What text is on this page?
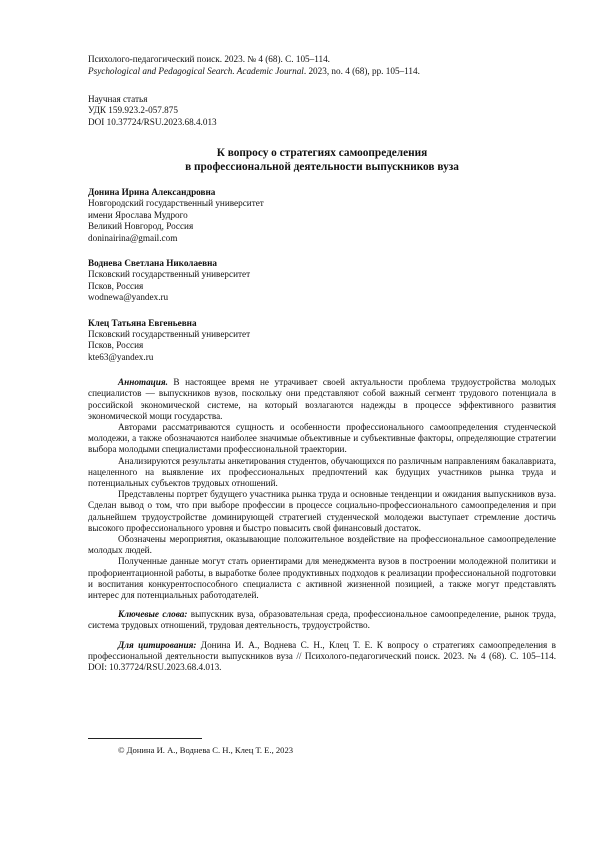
Психолого-педагогический поиск. 2023. № 4 (68). С. 105–114.
Psychological and Pedagogical Search. Academic Journal. 2023, no. 4 (68), pp. 105–114.
Научная статья
УДК 159.923.2-057.875
DOI 10.37724/RSU.2023.68.4.013
К вопросу о стратегиях самоопределения
в профессиональной деятельности выпускников вуза
Донина Ирина Александровна
Новгородский государственный университет
имени Ярослава Мудрого
Великий Новгород, Россия
doninairina@gmail.com
Воднева Светлана Николаевна
Псковский государственный университет
Псков, Россия
wodnewa@yandex.ru
Клец Татьяна Евгеньевна
Псковский государственный университет
Псков, Россия
kte63@yandex.ru

Аннотация. В настоящее время не утрачивает своей актуальности проблема трудоустройства молодых специалистов — выпускников вузов, поскольку они представляют собой важный сегмент трудового потенциала в российской экономической системе, на который возлагаются надежды в процессе эффективного развития экономической мощи государства.

Авторами рассматриваются сущность и особенности профессионального самоопределения студенческой молодежи, а также обозначаются наиболее значимые объективные и субъективные факторы, определяющие стратегии выбора молодыми специалистами профессиональной траектории.

Анализируются результаты анкетирования студентов, обучающихся по различным направлениям бакалавриата, нацеленного на выявление их профессиональных предпочтений как будущих участников рынка труда и потенциальных субъектов трудовых отношений.

Представлены портрет будущего участника рынка труда и основные тенденции и ожидания выпускников вуза. Сделан вывод о том, что при выборе профессии в процессе социально-профессионального самоопределения и при дальнейшем трудоустройстве доминирующей стратегией студенческой молодежи выступает стремление достичь высокого профессионального уровня и быстро повысить свой финансовый достаток.

Обозначены мероприятия, оказывающие положительное воздействие на профессиональное самоопределение молодых людей.

Полученные данные могут стать ориентирами для менеджмента вузов в построении молодежной политики и профориентационной работы, в выработке более продуктивных подходов к реализации профессиональной подготовки и воспитания конкурентоспособного специалиста с активной жизненной позицией, а также могут представлять интерес для потенциальных работодателей.

Ключевые слова: выпускник вуза, образовательная среда, профессиональное самоопределение, рынок труда, система трудовых отношений, трудовая деятельность, трудоустройство.
Для цитирования: Донина И. А., Воднева С. Н., Клец Т. Е. К вопросу о стратегиях самоопределения в профессиональной деятельности выпускников вуза // Психолого-педагогический поиск. 2023. № 4 (68). С. 105–114. DOI: 10.37724/RSU.2023.68.4.013.
© Донина И. А., Воднева С. Н., Клец Т. Е., 2023
